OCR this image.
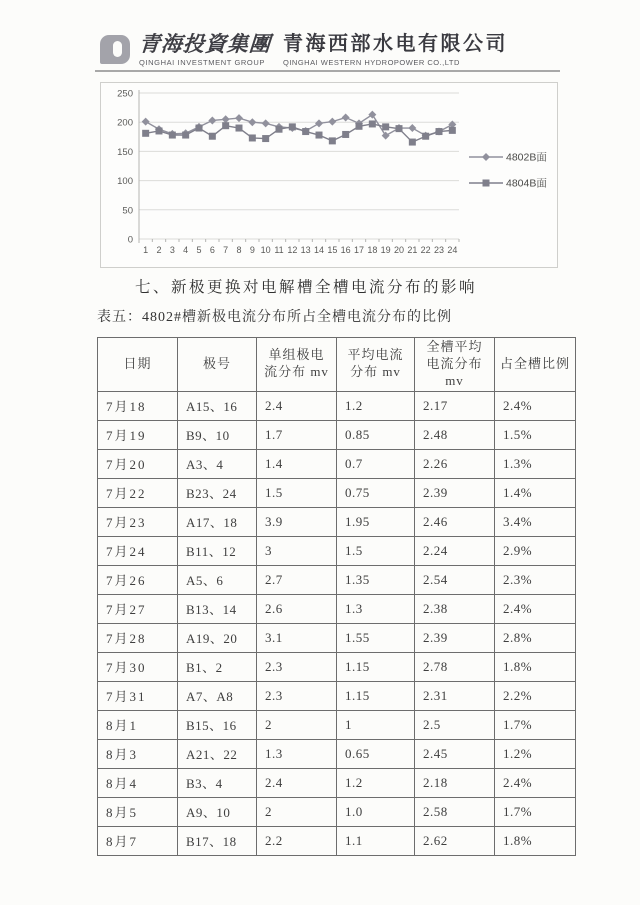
青海投資集團
QINGHAI INVESTMENT GROUP
青海西部水电有限公司
QINGHAI WESTERN HYDROPOWER CO.,LTD
0
50
100
150
200
250
1 2 3 4 5 6 7 8 9 10 11 12 13 14 15 16 17 18 19 20 21 22 23 24
4802B面
4804B面
七、新极更换对电解槽全槽电流分布的影响
表五：4802#槽新极电流分布所占全槽电流分布的比例
日期	极号	单组极电流分布 mv	平均电流分布 mv	全槽平均电流分布 mv	占全槽比例
7月18	A15、16	2.4	1.2	2.17	2.4%
7月19	B9、10	1.7	0.85	2.48	1.5%
7月20	A3、4	1.4	0.7	2.26	1.3%
7月22	B23、24	1.5	0.75	2.39	1.4%
7月23	A17、18	3.9	1.95	2.46	3.4%
7月24	B11、12	3	1.5	2.24	2.9%
7月26	A5、6	2.7	1.35	2.54	2.3%
7月27	B13、14	2.6	1.3	2.38	2.4%
7月28	A19、20	3.1	1.55	2.39	2.8%
7月30	B1、2	2.3	1.15	2.78	1.8%
7月31	A7、A8	2.3	1.15	2.31	2.2%
8月1	B15、16	2	1	2.5	1.7%
8月3	A21、22	1.3	0.65	2.45	1.2%
8月4	B3、4	2.4	1.2	2.18	2.4%
8月5	A9、10	2	1.0	2.58	1.7%
8月7	B17、18	2.2	1.1	2.62	1.8%
